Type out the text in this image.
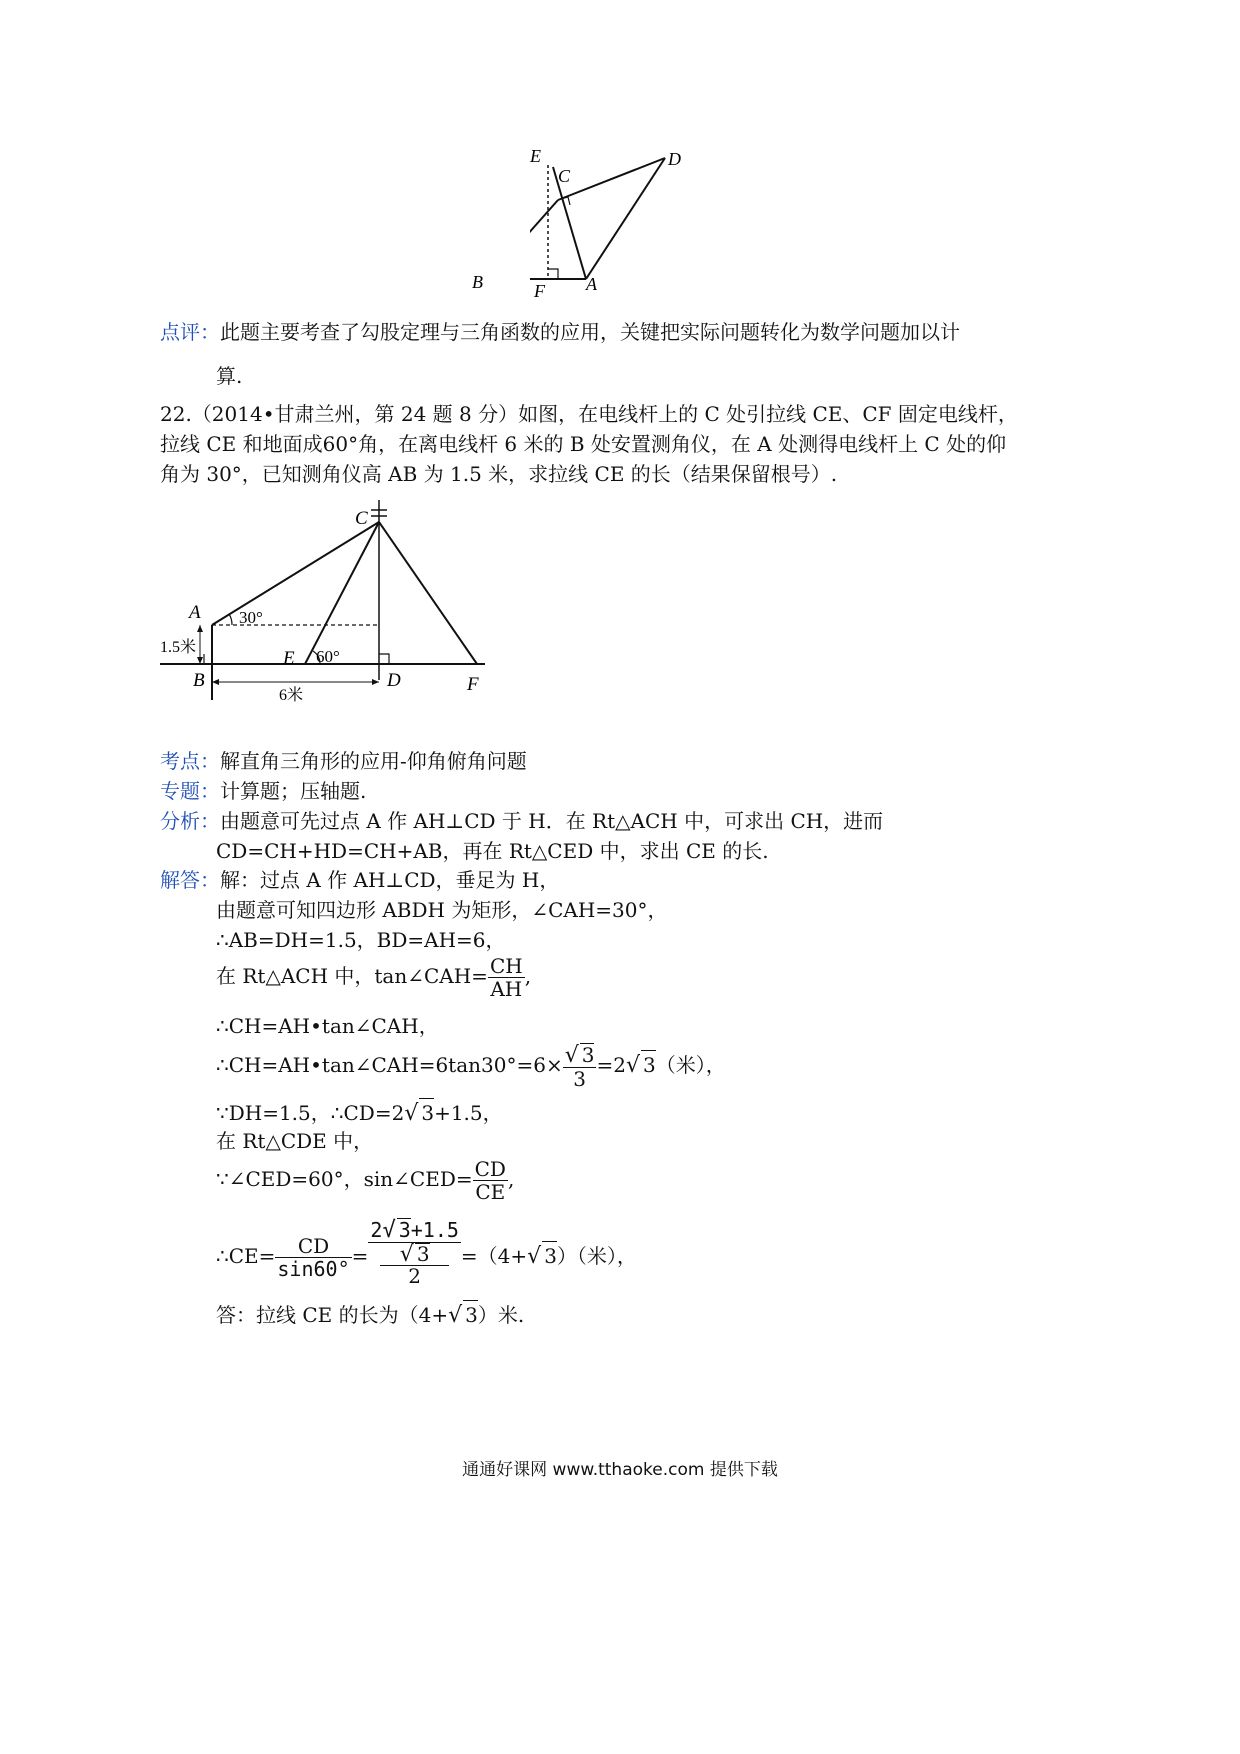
E
C
D
B	F A
点评：此题主要考查了勾股定理与三角函数的应用，关键把实际问题转化为数学问题加以计
算.
22.（2014•甘肃兰州，第 24 题 8 分）如图，在电线杆上的 C 处引拉线 CE、CF 固定电线杆，
拉线 CE 和地面成60°角，在离电线杆 6 米的 B 处安置测角仪，在 A 处测得电线杆上 C 处的仰
角为 30°，已知测角仪高 AB 为 1.5 米，求拉线 CE 的长（结果保留根号）.
C
A 30°
1.5米
E 60°
B	D	F
6米
考点：解直角三角形的应用-仰角俯角问题
专题：计算题；压轴题.
分析：由题意可先过点 A 作 AH⊥CD 于 H．在 Rt△ACH 中，可求出 CH，进而
CD=CH+HD=CH+AB，再在 Rt△CED 中，求出 CE 的长.
解答：解：过点 A 作 AH⊥CD，垂足为 H，
由题意可知四边形 ABDH 为矩形，∠CAH=30°，
∴AB=DH=1.5，BD=AH=6，
在 Rt△ACH 中，tan∠CAH= $\frac{CH}{AH}$ ,
∴CH=AH•tan∠CAH，
∴CH=AH•tan∠CAH=6tan30°=6× $\frac{√ 3}{3} =2√$ 3（米），
∵DH=1.5，∴CD=2√ 3+1.5，
在 Rt△CDE 中，
∵∠CED=60°，sin∠CED= $\frac{CD}{CE}$ ,
∴CE= $\frac{CD}{\sin 60^\circ} = 2√$ 3+1.5
√ 3
2 =（4+√ 3）（米），
答：拉线 CE 的长为（4+√ 3）米.
通通好课网 www.tthaoke.com 提供下载
